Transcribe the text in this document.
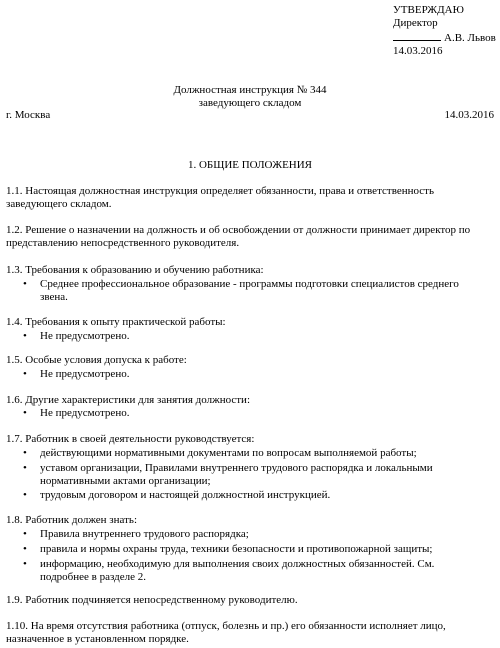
УТВЕРЖДАЮ
Директор
А.В. Львов
14.03.2016
Должностная инструкция № 344
заведующего складом
г. Москва	14.03.2016
1. ОБЩИЕ ПОЛОЖЕНИЯ
1.1. Настоящая должностная инструкция определяет обязанности, права и ответственность
заведующего складом.
1.2. Решение о назначении на должность и об освобождении от должности принимает директор по
представлению непосредственного руководителя.
1.3. Требования к образованию и обучению работника:
• Среднее профессиональное образование - программы подготовки специалистов среднего
звена.
1.4. Требования к опыту практической работы:
• Не предусмотрено.
1.5. Особые условия допуска к работе:
• Не предусмотрено.
1.6. Другие характеристики для занятия должности:
• Не предусмотрено.
1.7. Работник в своей деятельности руководствуется:
• действующими нормативными документами по вопросам выполняемой работы;
• уставом организации, Правилами внутреннего трудового распорядка и локальными
нормативными актами организации;
• трудовым договором и настоящей должностной инструкцией.
1.8. Работник должен знать:
• Правила внутреннего трудового распорядка;
• правила и нормы охраны труда, техники безопасности и противопожарной защиты;
• информацию, необходимую для выполнения своих должностных обязанностей. См.
подробнее в разделе 2.
1.9. Работник подчиняется непосредственному руководителю.
1.10. На время отсутствия работника (отпуск, болезнь и пр.) его обязанности исполняет лицо,
назначенное в установленном порядке.
